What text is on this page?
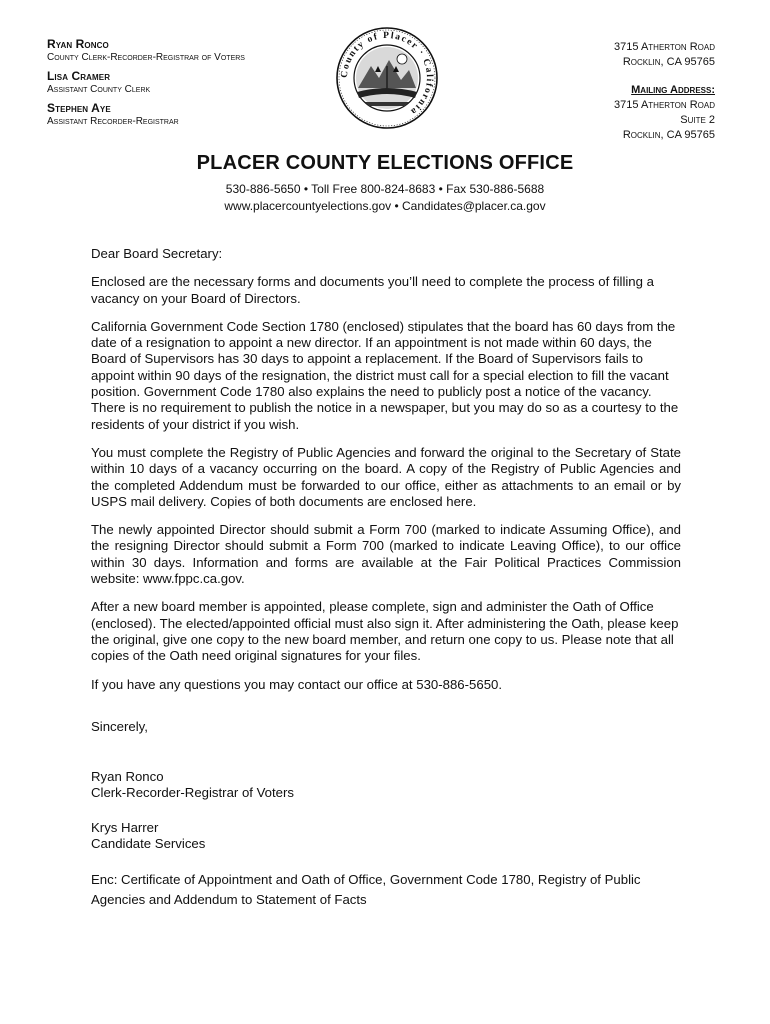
Ryan Ronco
County Clerk-Recorder-Registrar of Voters
Lisa Cramer
Assistant County Clerk
Stephen Aye
Assistant Recorder-Registrar
County of Placer · California
3715 Atherton Road
Rocklin, CA 95765
Mailing Address:
3715 Atherton Road
Suite 2
Rocklin, CA 95765
PLACER COUNTY ELECTIONS OFFICE
530-886-5650 • Toll Free 800-824-8683 • Fax 530-886-5688
www.placercountyelections.gov • Candidates@placer.ca.gov

Dear Board Secretary:

Enclosed are the necessary forms and documents you’ll need to complete the process of filling a vacancy on your Board of Directors.

California Government Code Section 1780 (enclosed) stipulates that the board has 60 days from the date of a resignation to appoint a new director. If an appointment is not made within 60 days, the Board of Supervisors has 30 days to appoint a replacement. If the Board of Supervisors fails to appoint within 90 days of the resignation, the district must call for a special election to fill the vacant position. Government Code 1780 also explains the need to publicly post a notice of the vacancy. There is no requirement to publish the notice in a newspaper, but you may do so as a courtesy to the residents of your district if you wish.

You must complete the Registry of Public Agencies and forward the original to the Secretary of State within 10 days of a vacancy occurring on the board. A copy of the Registry of Public Agencies and the completed Addendum must be forwarded to our office, either as attachments to an email or by USPS mail delivery. Copies of both documents are enclosed here.

The newly appointed Director should submit a Form 700 (marked to indicate Assuming Office), and the resigning Director should submit a Form 700 (marked to indicate Leaving Office), to our office within 30 days. Information and forms are available at the Fair Political Practices Commission website: www.fppc.ca.gov.

After a new board member is appointed, please complete, sign and administer the Oath of Office (enclosed). The elected/appointed official must also sign it. After administering the Oath, please keep the original, give one copy to the new board member, and return one copy to us. Please note that all copies of the Oath need original signatures for your files.

If you have any questions you may contact our office at 530-886-5650.

Sincerely,

Ryan Ronco

Clerk-Recorder-Registrar of Voters

Krys Harrer

Candidate Services

Enc: Certificate of Appointment and Oath of Office, Government Code 1780, Registry of Public Agencies and Addendum to Statement of Facts
